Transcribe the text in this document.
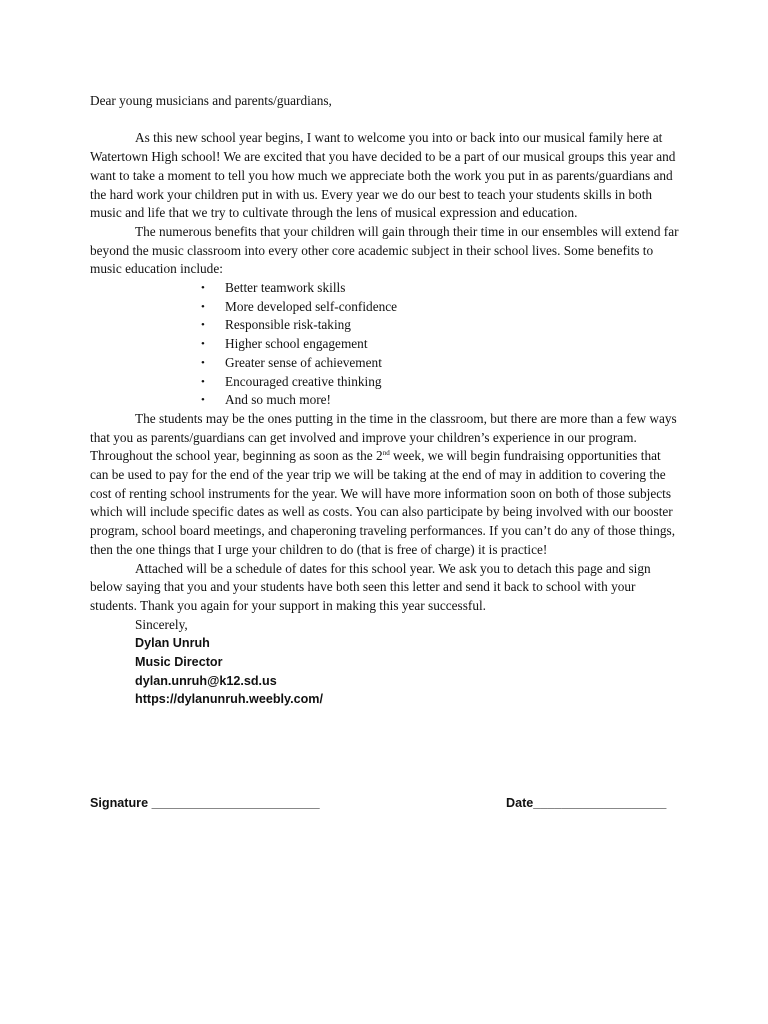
Dear young musicians and parents/guardians,

As this new school year begins, I want to welcome you into or back into our musical family here at Watertown High school! We are excited that you have decided to be a part of our musical groups this year and want to take a moment to tell you how much we appreciate both the work you put in as parents/guardians and the hard work your children put in with us. Every year we do our best to teach your students skills in both music and life that we try to cultivate through the lens of musical expression and education.

The numerous benefits that your children will gain through their time in our ensembles will extend far beyond the music classroom into every other core academic subject in their school lives. Some benefits to music education include:

• Better teamwork skills
• More developed self-confidence
• Responsible risk-taking
• Higher school engagement
• Greater sense of achievement
• Encouraged creative thinking
• And so much more!

The students may be the ones putting in the time in the classroom, but there are more than a few ways that you as parents/guardians can get involved and improve your children’s experience in our program. Throughout the school year, beginning as soon as the 2nd week, we will begin fundraising opportunities that can be used to pay for the end of the year trip we will be taking at the end of may in addition to covering the cost of renting school instruments for the year. We will have more information soon on both of those subjects which will include specific dates as well as costs. You can also participate by being involved with our booster program, school board meetings, and chaperoning traveling performances. If you can’t do any of those things, then the one things that I urge your children to do (that is free of charge) it is practice!

Attached will be a schedule of dates for this school year. We ask you to detach this page and sign below saying that you and your students have both seen this letter and send it back to school with your students. Thank you again for your support in making this year successful.

Sincerely,

Dylan Unruh
Music Director
dylan.unruh@k12.sd.us
https://dylanunruh.weebly.com/
Signature ________________________	Date___________________
